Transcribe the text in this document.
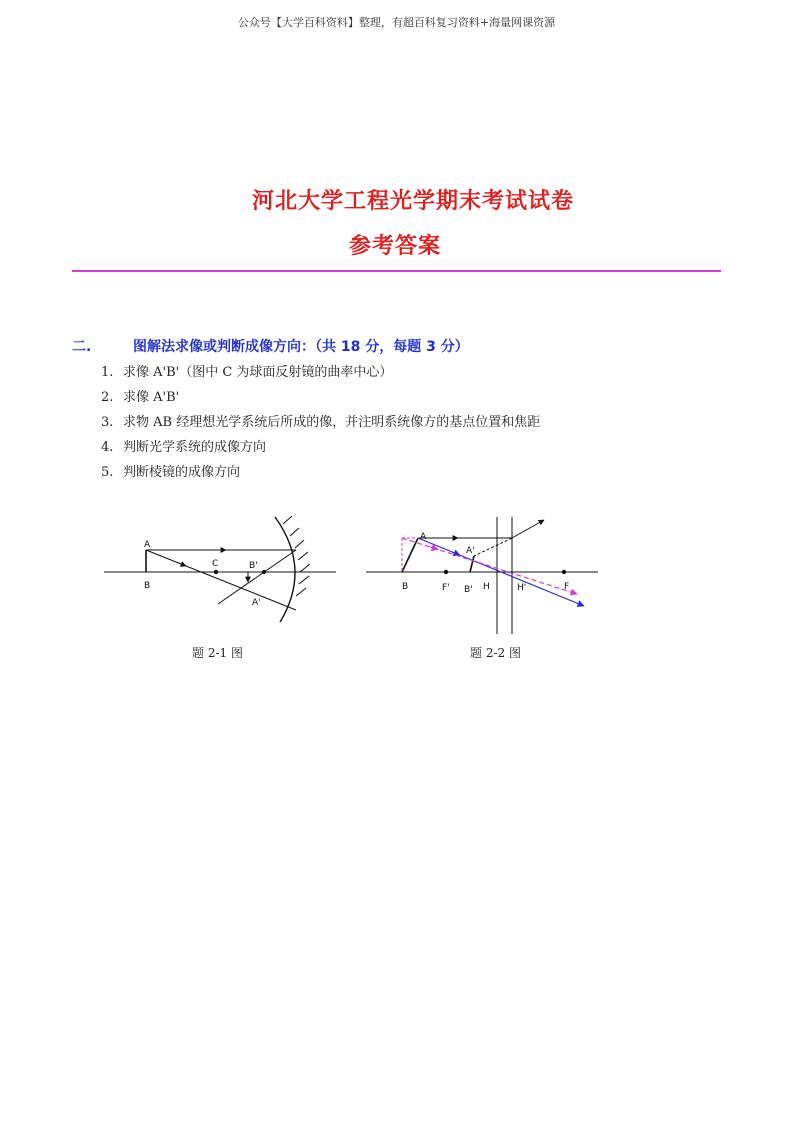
公众号【大学百科资料】整理，有超百科复习资料+海量网课资源
河北大学工程光学期末考试试卷
参考答案
二.	图解法求像或判断成像方向：（共 18 分，每题 3 分）
1. 求像 A'B'（图中 C 为球面反射镜的曲率中心）
2. 求像 A'B'
3. 求物 AB 经理想光学系统后所成的像，并注明系统像方的基点位置和焦距
4. 判断光学系统的成像方向
5. 判断棱镜的成像方向
A
B
C	B'
A'
A
B	F' B' H	H'	F
A'
题 2-1 图	题 2-2 图
